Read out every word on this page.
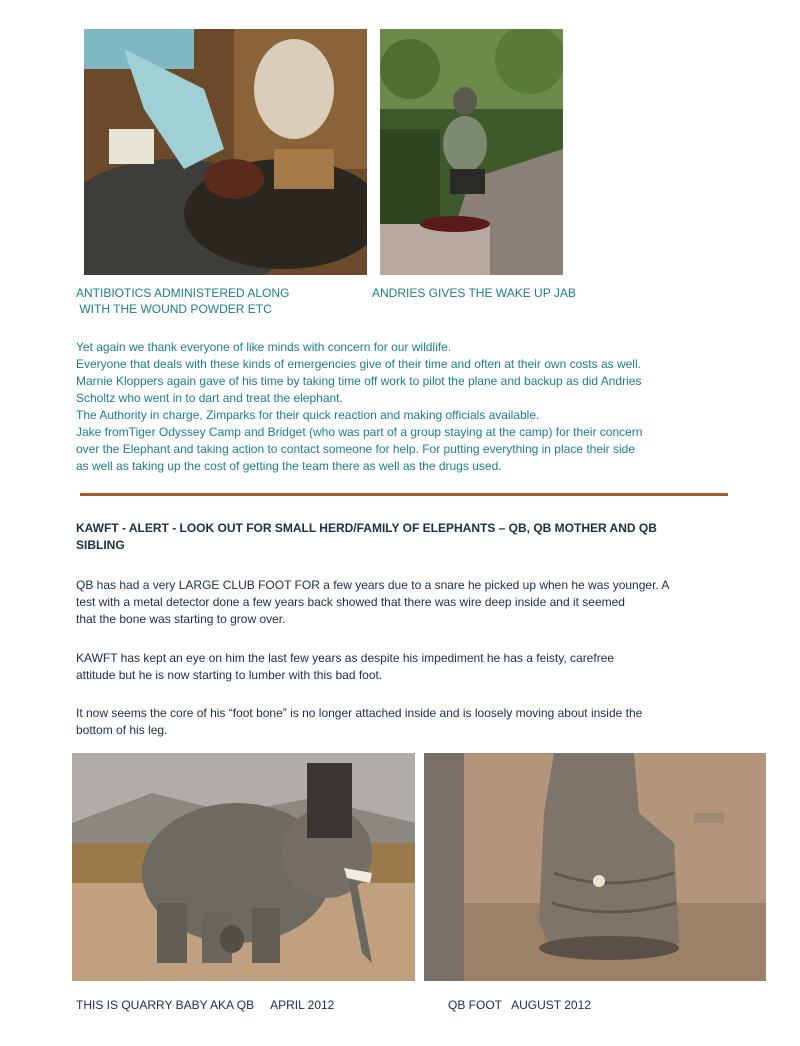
ANTIBIOTICS ADMINISTERED ALONG
WITH THE WOUND POWDER ETC
ANDRIES GIVES THE WAKE UP JAB
Yet again we thank everyone of like minds with concern for our wildlife.
Everyone that deals with these kinds of emergencies give of their time and often at their own costs as well.
Marnie Kloppers again gave of his time by taking time off work to pilot the plane and backup as did Andries
Scholtz who went in to dart and treat the elephant.
The Authority in charge, Zimparks for their quick reaction and making officials available.
Jake fromTiger Odyssey Camp and Bridget (who was part of a group staying at the camp) for their concern
over the Elephant and taking action to contact someone for help. For putting everything in place their side
as well as taking up the cost of getting the team there as well as the drugs used.
KAWFT - ALERT - LOOK OUT FOR SMALL HERD/FAMILY OF ELEPHANTS – QB, QB MOTHER AND QB
SIBLING
QB has had a very LARGE CLUB FOOT FOR a few years due to a snare he picked up when he was younger. A
test with a metal detector done a few years back showed that there was wire deep inside and it seemed
that the bone was starting to grow over.
KAWFT has kept an eye on him the last few years as despite his impediment he has a feisty, carefree
attitude but he is now starting to lumber with this bad foot.
It now seems the core of his “foot bone” is no longer attached inside and is loosely moving about inside the
bottom of his leg.
THIS IS QUARRY BABY AKA QB     APRIL 2012	QB FOOT   AUGUST 2012
